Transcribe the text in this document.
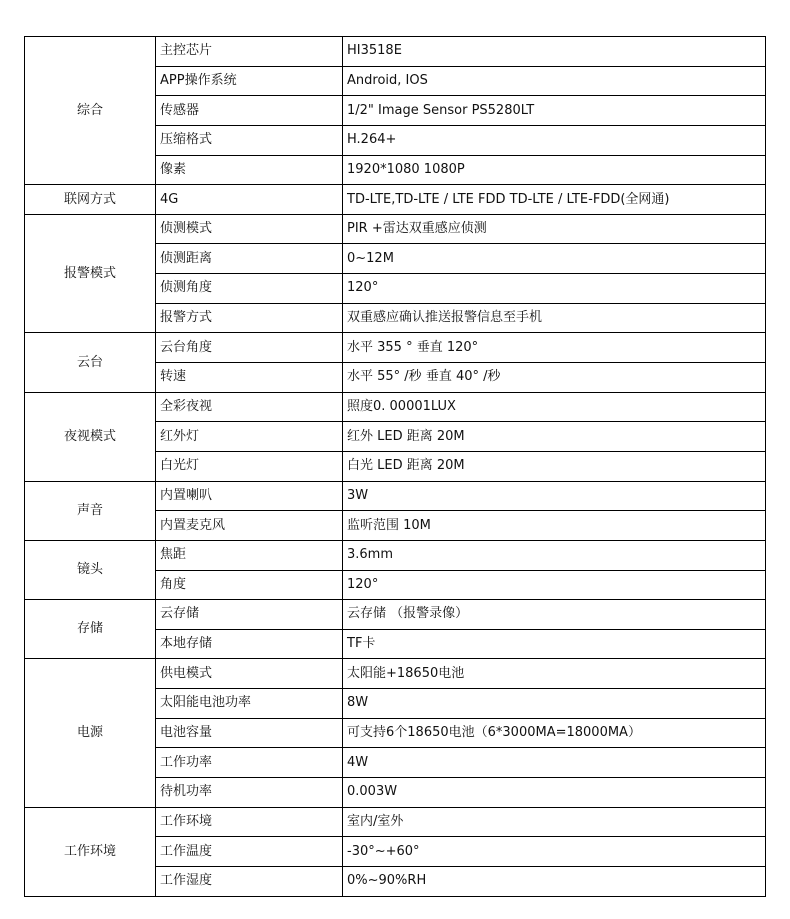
综合	主控芯片	HI3518E
	APP操作系统	Android, IOS
	传感器	1/2" Image Sensor PS5280LT
	压缩格式	H.264+
	像素	1920*1080 1080P
联网方式	4G	TD-LTE,TD-LTE / LTE FDD TD-LTE / LTE-FDD(全网通)
报警模式	侦测模式	PIR +雷达双重感应侦测
	侦测距离	0~12M
	侦测角度	120°
	报警方式	双重感应确认推送报警信息至手机
云台	云台角度	水平 355 ° 垂直 120°
	转速	水平 55° /秒 垂直 40° /秒
夜视模式	全彩夜视	照度0. 00001LUX
	红外灯	红外 LED 距离 20M
	白光灯	白光 LED 距离 20M
声音	内置喇叭	3W
	内置麦克风	监听范围 10M
镜头	焦距	3.6mm
	角度	120°
存储	云存储	云存储 （报警录像）
	本地存储	TF卡
电源	供电模式	太阳能+18650电池
	太阳能电池功率	8W
	电池容量	可支持6个18650电池（6*3000MA=18000MA）
	工作功率	4W
	待机功率	0.003W
工作环境	工作环境	室内/室外
	工作温度	-30°~+60°
	工作湿度	0%~90%RH
